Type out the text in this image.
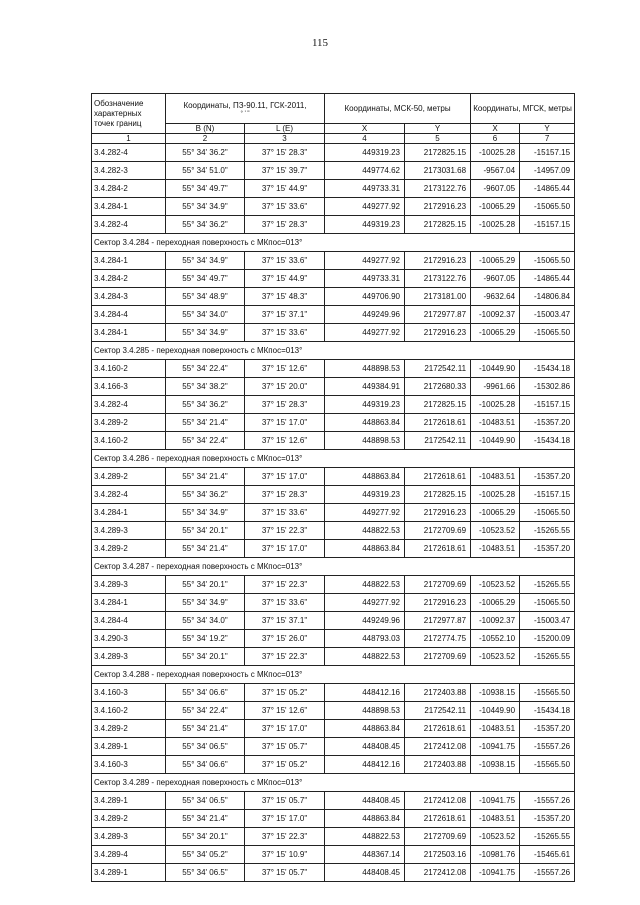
115
Обозначение характерных точек границ	Координаты, ПЗ-90.11, ГСК-2011,
° ' "		Координаты, МСК-50, метры		Координаты, МГСК, метры	
	B (N)	L (E)	X	Y	X	Y
1	2	3	4	5	6	7
3.4.282-4	55° 34' 36.2"	37° 15' 28.3"	449319.23	2172825.15	-10025.28	-15157.15
3.4.282-3	55° 34' 51.0"	37° 15' 39.7"	449774.62	2173031.68	-9567.04	-14957.09
3.4.284-2	55° 34' 49.7"	37° 15' 44.9"	449733.31	2173122.76	-9607.05	-14865.44
3.4.284-1	55° 34' 34.9"	37° 15' 33.6"	449277.92	2172916.23	-10065.29	-15065.50
3.4.282-4	55° 34' 36.2"	37° 15' 28.3"	449319.23	2172825.15	-10025.28	-15157.15
Сектор 3.4.284 - переходная поверхность с МКпос=013°						
3.4.284-1	55° 34' 34.9"	37° 15' 33.6"	449277.92	2172916.23	-10065.29	-15065.50
3.4.284-2	55° 34' 49.7"	37° 15' 44.9"	449733.31	2173122.76	-9607.05	-14865.44
3.4.284-3	55° 34' 48.9"	37° 15' 48.3"	449706.90	2173181.00	-9632.64	-14806.84
3.4.284-4	55° 34' 34.0"	37° 15' 37.1"	449249.96	2172977.87	-10092.37	-15003.47
3.4.284-1	55° 34' 34.9"	37° 15' 33.6"	449277.92	2172916.23	-10065.29	-15065.50
Сектор 3.4.285 - переходная поверхность с МКпос=013°						
3.4.160-2	55° 34' 22.4"	37° 15' 12.6"	448898.53	2172542.11	-10449.90	-15434.18
3.4.166-3	55° 34' 38.2"	37° 15' 20.0"	449384.91	2172680.33	-9961.66	-15302.86
3.4.282-4	55° 34' 36.2"	37° 15' 28.3"	449319.23	2172825.15	-10025.28	-15157.15
3.4.289-2	55° 34' 21.4"	37° 15' 17.0"	448863.84	2172618.61	-10483.51	-15357.20
3.4.160-2	55° 34' 22.4"	37° 15' 12.6"	448898.53	2172542.11	-10449.90	-15434.18
Сектор 3.4.286 - переходная поверхность с МКпос=013°						
3.4.289-2	55° 34' 21.4"	37° 15' 17.0"	448863.84	2172618.61	-10483.51	-15357.20
3.4.282-4	55° 34' 36.2"	37° 15' 28.3"	449319.23	2172825.15	-10025.28	-15157.15
3.4.284-1	55° 34' 34.9"	37° 15' 33.6"	449277.92	2172916.23	-10065.29	-15065.50
3.4.289-3	55° 34' 20.1"	37° 15' 22.3"	448822.53	2172709.69	-10523.52	-15265.55
3.4.289-2	55° 34' 21.4"	37° 15' 17.0"	448863.84	2172618.61	-10483.51	-15357.20
Сектор 3.4.287 - переходная поверхность с МКпос=013°						
3.4.289-3	55° 34' 20.1"	37° 15' 22.3"	448822.53	2172709.69	-10523.52	-15265.55
3.4.284-1	55° 34' 34.9"	37° 15' 33.6"	449277.92	2172916.23	-10065.29	-15065.50
3.4.284-4	55° 34' 34.0"	37° 15' 37.1"	449249.96	2172977.87	-10092.37	-15003.47
3.4.290-3	55° 34' 19.2"	37° 15' 26.0"	448793.03	2172774.75	-10552.10	-15200.09
3.4.289-3	55° 34' 20.1"	37° 15' 22.3"	448822.53	2172709.69	-10523.52	-15265.55
Сектор 3.4.288 - переходная поверхность с МКпос=013°						
3.4.160-3	55° 34' 06.6"	37° 15' 05.2"	448412.16	2172403.88	-10938.15	-15565.50
3.4.160-2	55° 34' 22.4"	37° 15' 12.6"	448898.53	2172542.11	-10449.90	-15434.18
3.4.289-2	55° 34' 21.4"	37° 15' 17.0"	448863.84	2172618.61	-10483.51	-15357.20
3.4.289-1	55° 34' 06.5"	37° 15' 05.7"	448408.45	2172412.08	-10941.75	-15557.26
3.4.160-3	55° 34' 06.6"	37° 15' 05.2"	448412.16	2172403.88	-10938.15	-15565.50
Сектор 3.4.289 - переходная поверхность с МКпос=013°						
3.4.289-1	55° 34' 06.5"	37° 15' 05.7"	448408.45	2172412.08	-10941.75	-15557.26
3.4.289-2	55° 34' 21.4"	37° 15' 17.0"	448863.84	2172618.61	-10483.51	-15357.20
3.4.289-3	55° 34' 20.1"	37° 15' 22.3"	448822.53	2172709.69	-10523.52	-15265.55
3.4.289-4	55° 34' 05.2"	37° 15' 10.9"	448367.14	2172503.16	-10981.76	-15465.61
3.4.289-1	55° 34' 06.5"	37° 15' 05.7"	448408.45	2172412.08	-10941.75	-15557.26
